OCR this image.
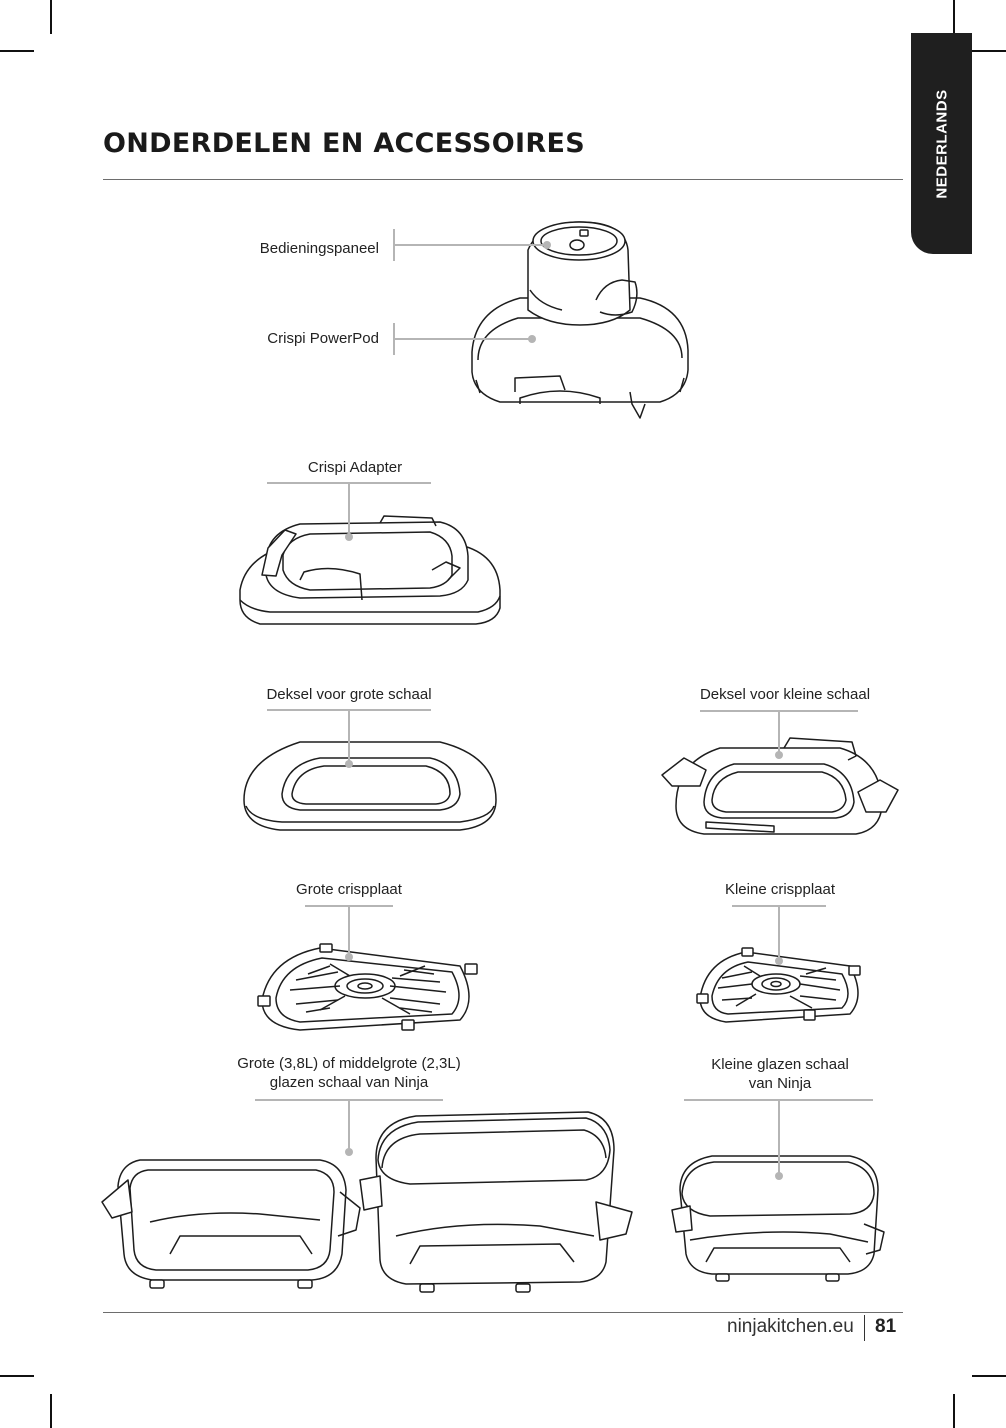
NEDERLANDS
ONDERDELEN EN ACCESSOIRES
Bedieningspaneel
Crispi PowerPod
Crispi Adapter
Deksel voor grote schaal	Deksel voor kleine schaal
Grote crispplaat	Kleine crispplaat
Grote (3,8L) of middelgrote (2,3L)
glazen schaal van Ninja
Kleine glazen schaal
van Ninja
ninjakitchen.eu 81
